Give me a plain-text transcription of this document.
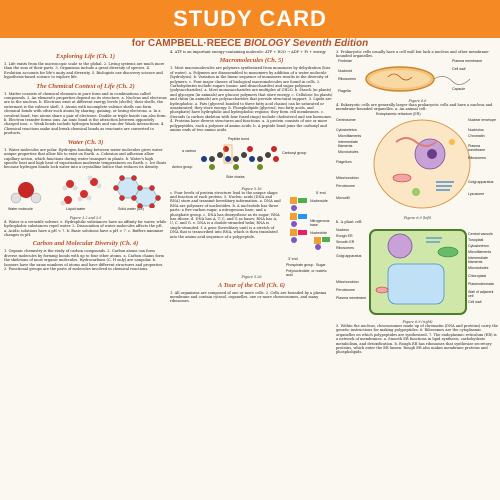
STUDY CARD
for CAMPBELL·REECE BIOLOGY Seventh Edition
Exploring Life (Ch. 1)

1. Life exists from the microscopic scale to the global. 2. Living systems are much more than the sum of their parts. 3. Organisms include a great diversity of species. 4. Evolution accounts for life's unity and diversity. 5. Biologists use discovery science and hypothesis-based science to explore life.

The Chemical Context of Life (Ch. 2)

1. Matter consists of chemical elements in pure form and in combinations called compounds. 2. An element's properties depend on its structure. a. Nucleus and electrons are in the nucleus. b. Electrons exist at different energy levels (shells); their shells, the outermost is the valence shell. 3. Atoms with incomplete valence shells can form chemical bonds with other such atoms by sharing, gaining, or losing electrons. a. In a covalent bond, two atoms share a pair of electrons. Double or triple bonds can also form. b. Electron transfer forms ions. An ionic bond is the attraction between oppositely charged ions. c. Weak bonds include hydrogen bonds and van der Waals interactions. 4. Chemical reactions make and break chemical bonds as reactants are converted to products.

Water (Ch. 3)

1. Water molecules are polar. Hydrogen bonding between water molecules gives water unique properties that allow life to exist on Earth. a. Cohesion and adhesion allow capillary action, which functions during water transport in plants. b. Water's high specific heat and high heat of vaporization moderate temperatures on Earth. c. Ice floats because hydrogen bonds lock water into a crystalline lattice that reduces its density.

Water molecule	Liquid water	Solid water (ice)
Figure 3.2 and 3.5

d. Water is a versatile solvent. e. Hydrophilic substances have an affinity for water, while hydrophobic substances repel water. 2. Dissociation of water molecules affects the pH. a. Acidic solutions have a pH < 7. b. Basic solutions have a pH > 7. c. Buffers minimize changes in pH.

Carbon and Molecular Diversity (Ch. 4)

1. Organic chemistry is the study of carbon compounds. 2. Carbon atoms can form diverse molecules by forming bonds with up to four other atoms. a. Carbon chains form the skeletons of most organic molecules. Hydrocarbons (C, H only) are nonpolar. b. Isomers have the same numbers of atoms and have different structures and properties. 3. Functional groups are the parts of molecules involved in chemical reactions.

4. ATP is an important energy-containing molecule: ATP + H2O → ADP + Pi + energy

Macromolecules (Ch. 5)

1. Most macromolecules are polymers synthesized from monomers by dehydration (loss of water). a. Polymers are disassembled to monomers by addition of a water molecule (hydrolysis). b. Variation in the linear sequence of monomers results in the diversity of polymers. c. Four major classes of biological macromolecules are found in cells. 2. Carbohydrates include sugars (mono- and disaccharides) and sugar polymers (polysaccharides). a. Most monosaccharides are multiples of CH2O. b. Starch (in plants) and glycogen (in animals) are glucose polymers that store energy. c. Cellulose (in plants) and chitin (in animals) are polysaccharides that provide structural support. 3. Lipids are hydrophobic. a. Fats (glycerol bonded to three fatty acid chains) can be saturated or unsaturated; they store energy. b. Phospholipids (glycerol, two fatty acids, and phosphate) have hydrophilic and hydrophobic regions; they form cell membranes. c. Steroids (a carbon skeleton with four fused rings) include cholesterol and sex hormones. 4. Proteins have diverse structures and functions. a. A protein consists of one or more polypeptides, each a polymer of amino acids. b. A peptide bond joins the carboxyl and amino ends of two amino acids.

Peptide bond
Amino group
Carboxyl group
Side chains
α carbon
Figure 5.16

c. Four levels of protein structure lead to the unique shape and function of each protein. 5. Nucleic acids (DNA and RNA) store and transmit hereditary information. a. DNA and RNA are polymers of nucleotides. b. A nucleotide has three parts: a five-carbon sugar, a nitrogenous base, and a phosphate group. c. DNA has deoxyribose as its sugar; RNA has ribose. d. DNA has A, T, C, and G as bases; RNA has A, U, C, and G. e. DNA is a double-stranded helix; RNA is single-stranded. f. A gene (hereditary unit) is a stretch of DNA that is transcribed into RNA, which is then translated into the amino acid sequence of a polypeptide.

5' end
3' end
Nucleoside
Nitrogenous base
Phosphate group Sugar
Polynucleotide, or nucleic acid
Nucleotide
Figure 5.26
A Tour of the Cell (Ch. 6)

1. All organisms are composed of one or more cells. 2. Cells are bounded by a plasma membrane and contain cytosol, organelles, one or more chromosomes, and many ribosomes.

3. Prokaryotic cells usually have a cell wall but lack a nucleus and other membrane-bounded organelles.

Fimbriae
Nucleoid
Ribosomes
Plasma membrane
Cell wall
Capsule
Flagella
Figure 6.6

4. Eukaryotic cells are generally larger than prokaryotic cells and have a nucleus and membrane-bounded organelles. a. An animal cell:

Endoplasmic reticulum (ER)
Nuclear envelope
Nucleolus
Chromatin
Centrosome
Plasma membrane
Cytoskeleton
Microfilaments
Intermediate filaments
Microtubules
Ribosomes
Golgi apparatus
Lysosome
Mitochondrion
Peroxisome
Flagellum
Microvilli
Figure 6.9 (left)

b. A plant cell:

Nucleus
Rough ER
Smooth ER
Ribosomes
Golgi apparatus
Central vacuole
Tonoplast
Cytoskeleton
Microfilaments
Intermediate filaments
Microtubules
Chloroplast
Plasmodesmata
Wall of adjacent cell
Cell wall
Mitochondrion
Peroxisome
Plasma membrane
Figure 6.9 (right)

5. Within the nucleus, chromosomes made up of chromatin (DNA and proteins) carry the genetic instructions for making polypeptides. 6. Ribosomes are the cytoplasmic organelles on which polypeptides are synthesized. 7. The endoplasmic reticulum (ER) is a network of membranes. a. Smooth ER functions in lipid synthesis, carbohydrate metabolism, and detoxification. b. Rough ER has ribosomes that synthesize secretory proteins, which enter the ER lumen. Rough ER also makes membrane proteins and phospholipids.
